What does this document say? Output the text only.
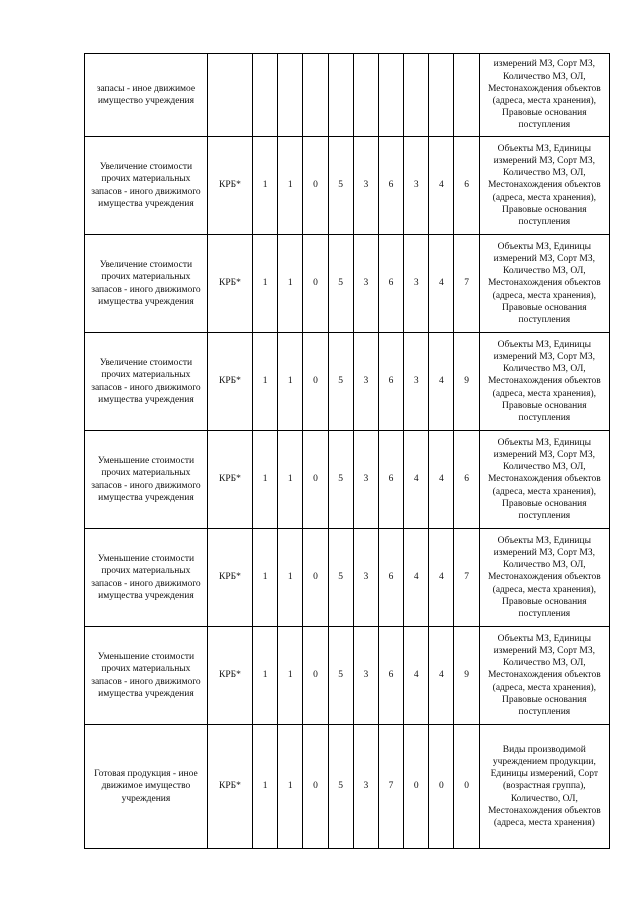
запасы - иное движимое имущество учреждения											измерений МЗ, Сорт МЗ, Количество МЗ, ОЛ, Местонахождения объектов (адреса, места хранения), Правовые основания поступления
Увеличение стоимости прочих материальных запасов - иного движимого имущества учреждения	КРБ*	1	1	0	5	3	6	3	4	6	Объекты МЗ, Единицы измерений МЗ, Сорт МЗ, Количество МЗ, ОЛ, Местонахождения объектов (адреса, места хранения), Правовые основания поступления
Увеличение стоимости прочих материальных запасов - иного движимого имущества учреждения	КРБ*	1	1	0	5	3	6	3	4	7	Объекты МЗ, Единицы измерений МЗ, Сорт МЗ, Количество МЗ, ОЛ, Местонахождения объектов (адреса, места хранения), Правовые основания поступления
Увеличение стоимости прочих материальных запасов - иного движимого имущества учреждения	КРБ*	1	1	0	5	3	6	3	4	9	Объекты МЗ, Единицы измерений МЗ, Сорт МЗ, Количество МЗ, ОЛ, Местонахождения объектов (адреса, места хранения), Правовые основания поступления
Уменьшение стоимости прочих материальных запасов - иного движимого имущества учреждения	КРБ*	1	1	0	5	3	6	4	4	6	Объекты МЗ, Единицы измерений МЗ, Сорт МЗ, Количество МЗ, ОЛ, Местонахождения объектов (адреса, места хранения), Правовые основания поступления
Уменьшение стоимости прочих материальных запасов - иного движимого имущества учреждения	КРБ*	1	1	0	5	3	6	4	4	7	Объекты МЗ, Единицы измерений МЗ, Сорт МЗ, Количество МЗ, ОЛ, Местонахождения объектов (адреса, места хранения), Правовые основания поступления
Уменьшение стоимости прочих материальных запасов - иного движимого имущества учреждения	КРБ*	1	1	0	5	3	6	4	4	9	Объекты МЗ, Единицы измерений МЗ, Сорт МЗ, Количество МЗ, ОЛ, Местонахождения объектов (адреса, места хранения), Правовые основания поступления
Готовая продукция - иное движимое имущество учреждения	КРБ*	1	1	0	5	3	7	0	0	0	Виды производимой учреждением продукции, Единицы измерений, Сорт (возрастная группа), Количество, ОЛ, Местонахождения объектов (адреса, места хранения)
